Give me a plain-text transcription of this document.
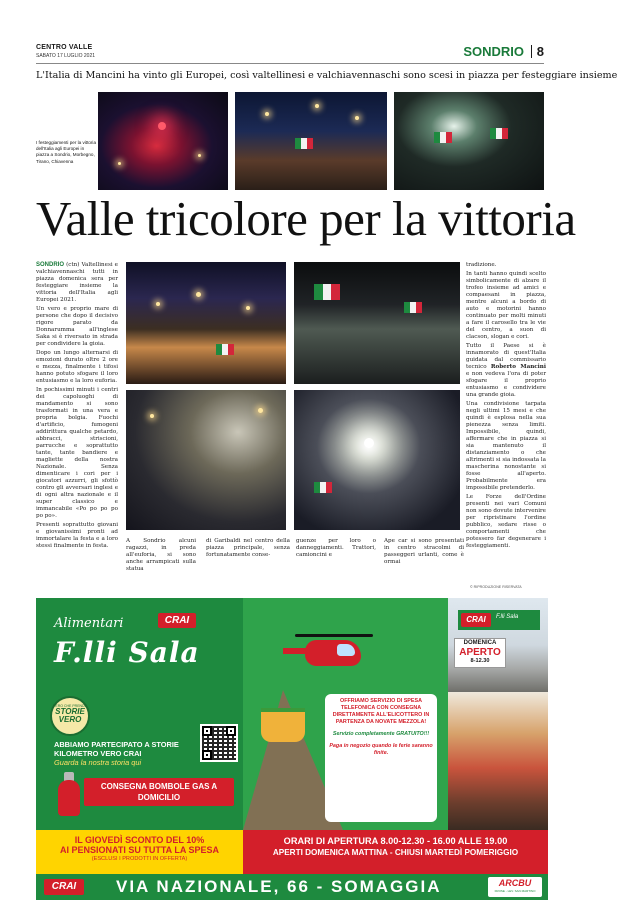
CENTRO VALLE
SABATO 17 LUGLIO 2021	SONDRIO 8
L'Italia di Mancini ha vinto gli Europei, così valtellinesi e valchiavennaschi sono scesi in piazza per festeggiare insieme
I festeggiamenti per la vittoria dell'Italia agli Europei in piazza a Sondrio, Morbegno, Tirano, Chiavenna
Valle tricolore per la vittoria

SONDRIO (ctn) Valtellinesi e valchiavennaschi tutti in piazza domenica sera per festeggiare insieme la vittoria dell'Italia agli Europei 2021.

Un vero e proprio mare di persone che dopo il decisivo rigore parato da Donnarumma all'inglese Saka si è riversato in strada per condividere la gioia.

Dopo un lungo alternarsi di emozioni durato oltre 2 ore e mezza, finalmente i tifosi hanno potuto sfogare il loro entusiasmo e la loro euforia.

In pochissimi minuti i centri dei capoluoghi di mandamento si sono trasformati in una vera e propria bolgia. Fuochi d'artificio, fumogeni addirittura qualche petardo, abbracci, striscioni, parrucche e soprattutto tante, tante bandiere e magliette della nostra Nazionale. Senza dimenticare i cori per i giocatori azzurri, gli sfottò contro gli avversari inglesi e di ogni altra nazionale e il super classico e immancabile «Po po po po po po».

Presenti soprattutto giovani e giovanissimi pronti ad immortalare la festa e a loro stessi finalmente in festa.

A Sondrio alcuni ragazzi, in preda all'euforia, si sono anche arrampicati sulla statua
di Garibaldi nel centro della piazza principale, senza fortunatamente conse-
guenze per loro o danneggiamenti. Trattori, camioncini e
Ape car si sono presentati in centro stracolmi di passeggeri urlanti, come è ormai

tradizione.

In tanti hanno quindi scelto simbolicamente di alzare il trofeo insieme ad amici e compaesani in piazza, mentre alcuni a bordo di auto e motorini hanno continuato per molti minuti a fare il carosello tra le vie del centro, a suon di clacson, slogan e cori.

Tutto il Paese si è innamorato di quest'Italia guidata dal commissario tecnico Roberto Mancini e non vedeva l'ora di poter sfogare il proprio entusiasmo e condividere una grande gioia.

Una condivisione tarpata negli ultimi 15 mesi e che quindi è esplosa nella sua pienezza senza limiti. Impossibile, quindi, affermare che in piazza si sia mantenuto il distanziamento o che altrimenti si sia indossata la mascherina nonostante si fosse all'aperto. Probabilmente era impossibile pretenderlo.

Le Forze dell'Ordine presenti nei vari Comuni non sono dovute intervenire per ripristinare l'ordine pubblico, sedare risse o comportamenti che potessero far degenerare i festeggiamenti.

© RIPRODUZIONE RISERVATA
Alimentari	CRAI
F.lli Sala
VERO CHE PRENDE
STORIE VERO
ABBIAMO PARTECIPATO A STORIE KILOMETRO VERO CRAI
Guarda la nostra storia qui
CONSEGNA BOMBOLE GAS A DOMICILIO
IL GIOVEDÌ SCONTO DEL 10%
AI PENSIONATI SU TUTTA LA SPESA
(ESCLUSI I PRODOTTI IN OFFERTA)
OFFRIAMO SERVIZIO DI SPESA TELEFONICA CON CONSEGNA DIRETTAMENTE ALL'ELICOTTERO IN PARTENZA DA NOVATE MEZZOLA!
Servizio completamente GRATUITO!!!
Paga in negozio quando le ferie saranno finite.
CRAI	F.lli Sala
DOMENICA
APERTO
8-12.30
ORARI DI APERTURA 8.00-12.30 - 16.00 ALLE 19.00
APERTI DOMENICA MATTINA - CHIUSI MARTEDÌ POMERIGGIO
CRAI	VIA NAZIONALE, 66 - SOMAGGIA	ARCBU
FROSE - LEV. SAN MARTINO
